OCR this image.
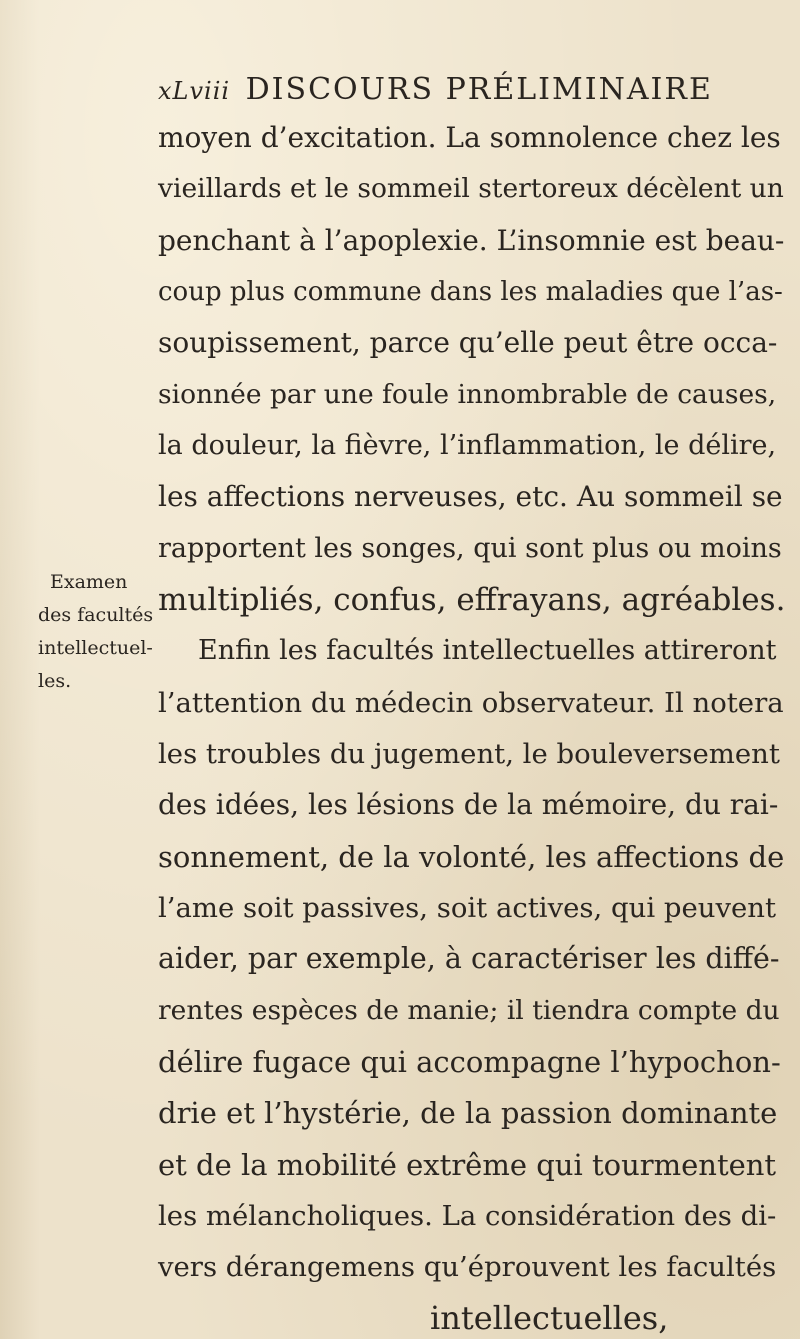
xLviii DISCOURS PRÉLIMINAIRE
Examen
des facultés
intellectuel-
les.
moyen d’excitation. La somnolence chez les
vieillards et le sommeil stertoreux décèlent un
penchant à l’apoplexie. L’insomnie est beau-
coup plus commune dans les maladies que l’as-
soupissement, parce qu’elle peut être occa-
sionnée par une foule innombrable de causes,
la douleur, la fièvre, l’inflammation, le délire,
les affections nerveuses, etc. Au sommeil se
rapportent les songes, qui sont plus ou moins
multipliés, confus, effrayans, agréables.
Enfin les facultés intellectuelles attireront
l’attention du médecin observateur. Il notera
les troubles du jugement, le bouleversement
des idées, les lésions de la mémoire, du rai-
sonnement, de la volonté, les affections de
l’ame soit passives, soit actives, qui peuvent
aider, par exemple, à caractériser les diffé-
rentes espèces de manie; il tiendra compte du
délire fugace qui accompagne l’hypochon-
drie et l’hystérie, de la passion dominante
et de la mobilité extrême qui tourmentent
les mélancholiques. La considération des di-
vers dérangemens qu’éprouvent les facultés
intellectuelles,
